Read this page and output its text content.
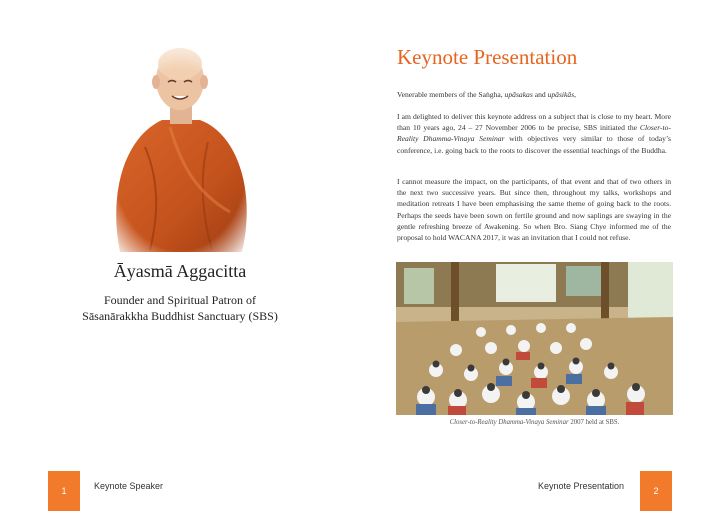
Āyasmā Aggacitta
Founder and Spiritual Patron of
Sāsanārakkha Buddhist Sanctuary (SBS)
1	Keynote Speaker
Keynote Presentation
Venerable members of the Saṅgha, upāsakas and upāsikās,
I am delighted to deliver this keynote address on a subject that is close to my heart. More than 10 years ago, 24 – 27 November 2006 to be precise, SBS initiated the Closer-to-Reality Dhamma-Vinaya Seminar with objectives very similar to those of today’s conference, i.e. going back to the roots to discover the essential teachings of the Buddha.
I cannot measure the impact, on the participants, of that event and that of two others in the next two successive years. But since then, throughout my talks, workshops and meditation retreats I have been emphasising the same theme of going back to the roots. Perhaps the seeds have been sown on fertile ground and now saplings are swaying in the gentle refreshing breeze of Awakening. So when Bro. Siang Chye informed me of the proposal to hold WACANA 2017, it was an invitation that I could not refuse.
Closer-to-Reality Dhamma-Vinaya Seminar 2007 held at SBS.
Keynote Presentation	2
